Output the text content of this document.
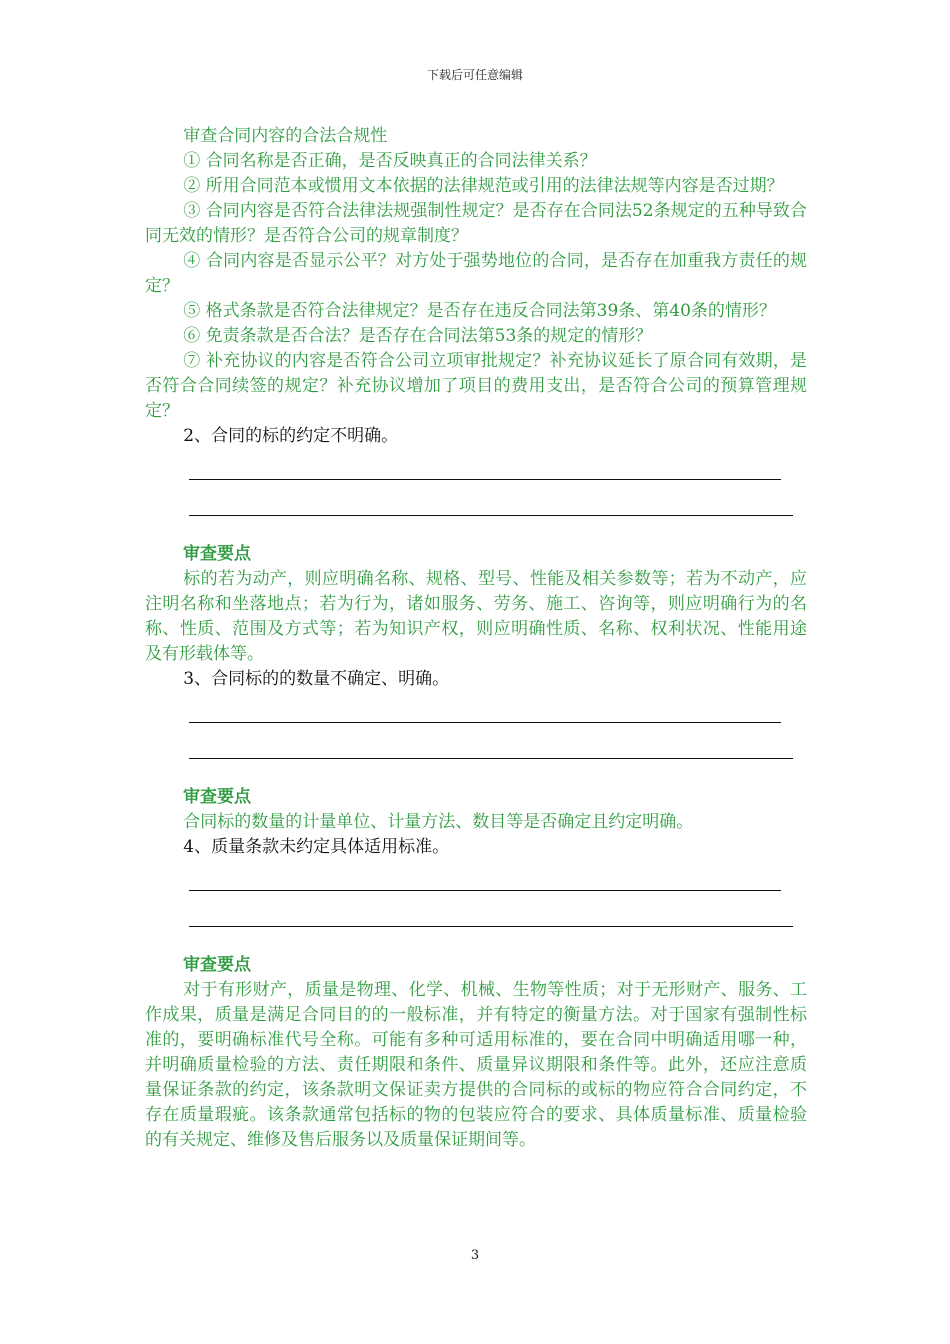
下载后可任意编辑

审查合同内容的合法合规性

① 合同名称是否正确，是否反映真正的合同法律关系？

② 所用合同范本或惯用文本依据的法律规范或引用的法律法规等内容是否过期？

③ 合同内容是否符合法律法规强制性规定？是否存在合同法52条规定的五种导致合同无效的情形？是否符合公司的规章制度？

④ 合同内容是否显示公平？对方处于强势地位的合同，是否存在加重我方责任的规定？

⑤ 格式条款是否符合法律规定？是否存在违反合同法第39条、第40条的情形？

⑥ 免责条款是否合法？是否存在合同法第53条的规定的情形？

⑦ 补充协议的内容是否符合公司立项审批规定？补充协议延长了原合同有效期，是否符合合同续签的规定？补充协议增加了项目的费用支出，是否符合公司的预算管理规定？

2、合同的标的约定不明确。

审查要点

标的若为动产，则应明确名称、规格、型号、性能及相关参数等；若为不动产，应注明名称和坐落地点；若为行为，诸如服务、劳务、施工、咨询等，则应明确行为的名称、性质、范围及方式等；若为知识产权，则应明确性质、名称、权利状况、性能用途及有形载体等。

3、合同标的的数量不确定、明确。

审查要点

合同标的数量的计量单位、计量方法、数目等是否确定且约定明确。

4、质量条款未约定具体适用标准。

审查要点

对于有形财产，质量是物理、化学、机械、生物等性质；对于无形财产、服务、工作成果，质量是满足合同目的的一般标准，并有特定的衡量方法。对于国家有强制性标准的，要明确标准代号全称。可能有多种可适用标准的，要在合同中明确适用哪一种，并明确质量检验的方法、责任期限和条件、质量异议期限和条件等。此外，还应注意质量保证条款的约定，该条款明文保证卖方提供的合同标的或标的物应符合合同约定，不存在质量瑕疵。该条款通常包括标的物的包装应符合的要求、具体质量标准、质量检验的有关规定、维修及售后服务以及质量保证期间等。

3
